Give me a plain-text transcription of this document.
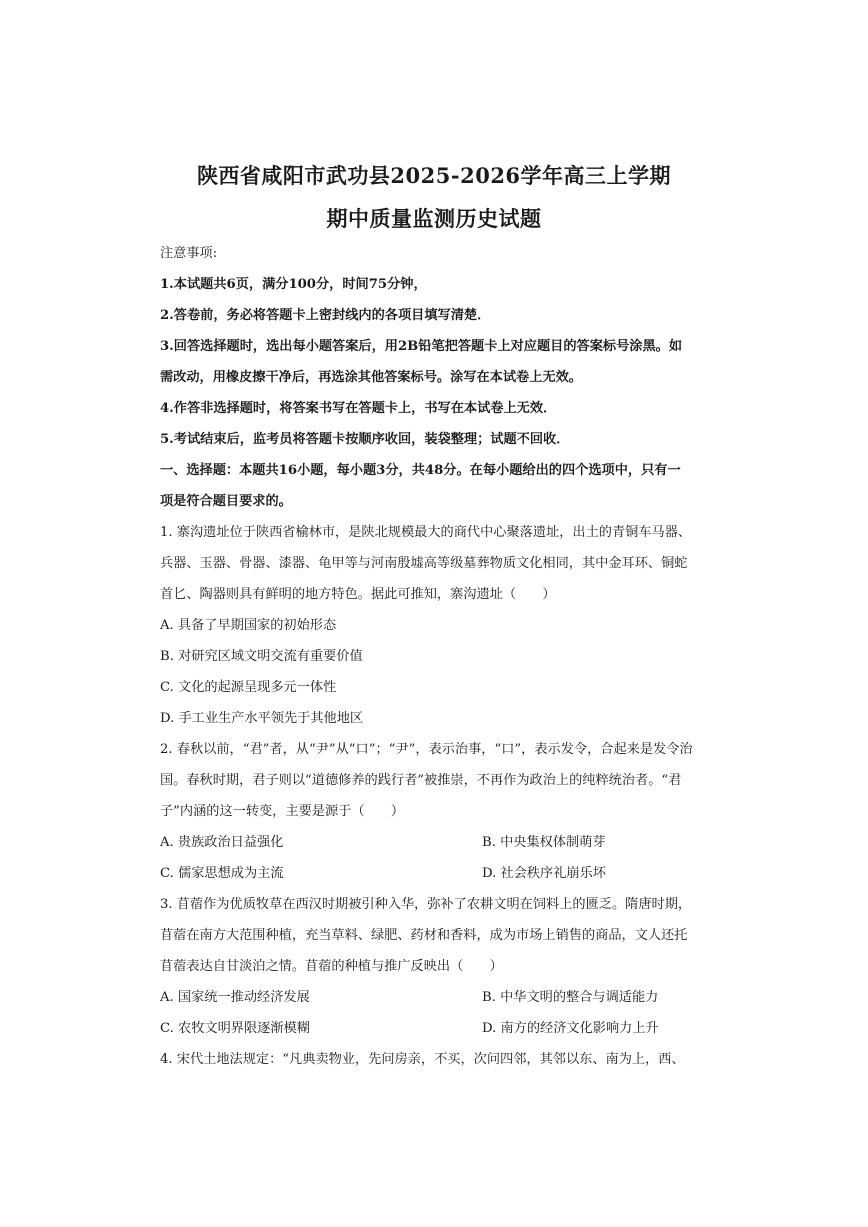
陕西省咸阳市武功县2025-2026学年高三上学期
期中质量监测历史试题
注意事项:
1.本试题共6页，满分100分，时间75分钟，
2.答卷前，务必将答题卡上密封线内的各项目填写清楚．
3.回答选择题时，选出每小题答案后，用2B铅笔把答题卡上对应题目的答案标号涂黑。如
需改动，用橡皮擦干净后，再选涂其他答案标号。涂写在本试卷上无效。
4.作答非选择题时，将答案书写在答题卡上，书写在本试卷上无效．
5.考试结束后，监考员将答题卡按顺序收回，装袋整理；试题不回收．
一、选择题：本题共16小题，每小题3分，共48分。在每小题给出的四个选项中，只有一
项是符合题目要求的。
1. 寨沟遗址位于陕西省榆林市，是陕北规模最大的商代中心聚落遗址，出土的青铜车马器、
兵器、玉器、骨器、漆器、龟甲等与河南殷墟高等级墓葬物质文化相同，其中金耳环、铜蛇
首匕、陶器则具有鲜明的地方特色。据此可推知，寨沟遗址（　　）
A. 具备了早期国家的初始形态
B. 对研究区域文明交流有重要价值
C. 文化的起源呈现多元一体性
D. 手工业生产水平领先于其他地区
2. 春秋以前，“君”者，从“尹”从“口”；“尹”，表示治事，“口”，表示发令，合起来是发令治
国。春秋时期，君子则以“道德修养的践行者”被推崇，不再作为政治上的纯粹统治者。“君
子”内涵的这一转变，主要是源于（　　）
A. 贵族政治日益强化	B. 中央集权体制萌芽
C. 儒家思想成为主流	D. 社会秩序礼崩乐坏
3. 苜蓿作为优质牧草在西汉时期被引种入华，弥补了农耕文明在饲料上的匮乏。隋唐时期，
苜蓿在南方大范围种植，充当草料、绿肥、药材和香料，成为市场上销售的商品，文人还托
苜蓿表达自甘淡泊之情。苜蓿的种植与推广反映出（　　）
A. 国家统一推动经济发展	B. 中华文明的整合与调适能力
C. 农牧文明界限逐渐模糊	D. 南方的经济文化影响力上升
4. 宋代土地法规定：“凡典卖物业，先问房亲，不买，次问四邻，其邻以东、南为上，西、
